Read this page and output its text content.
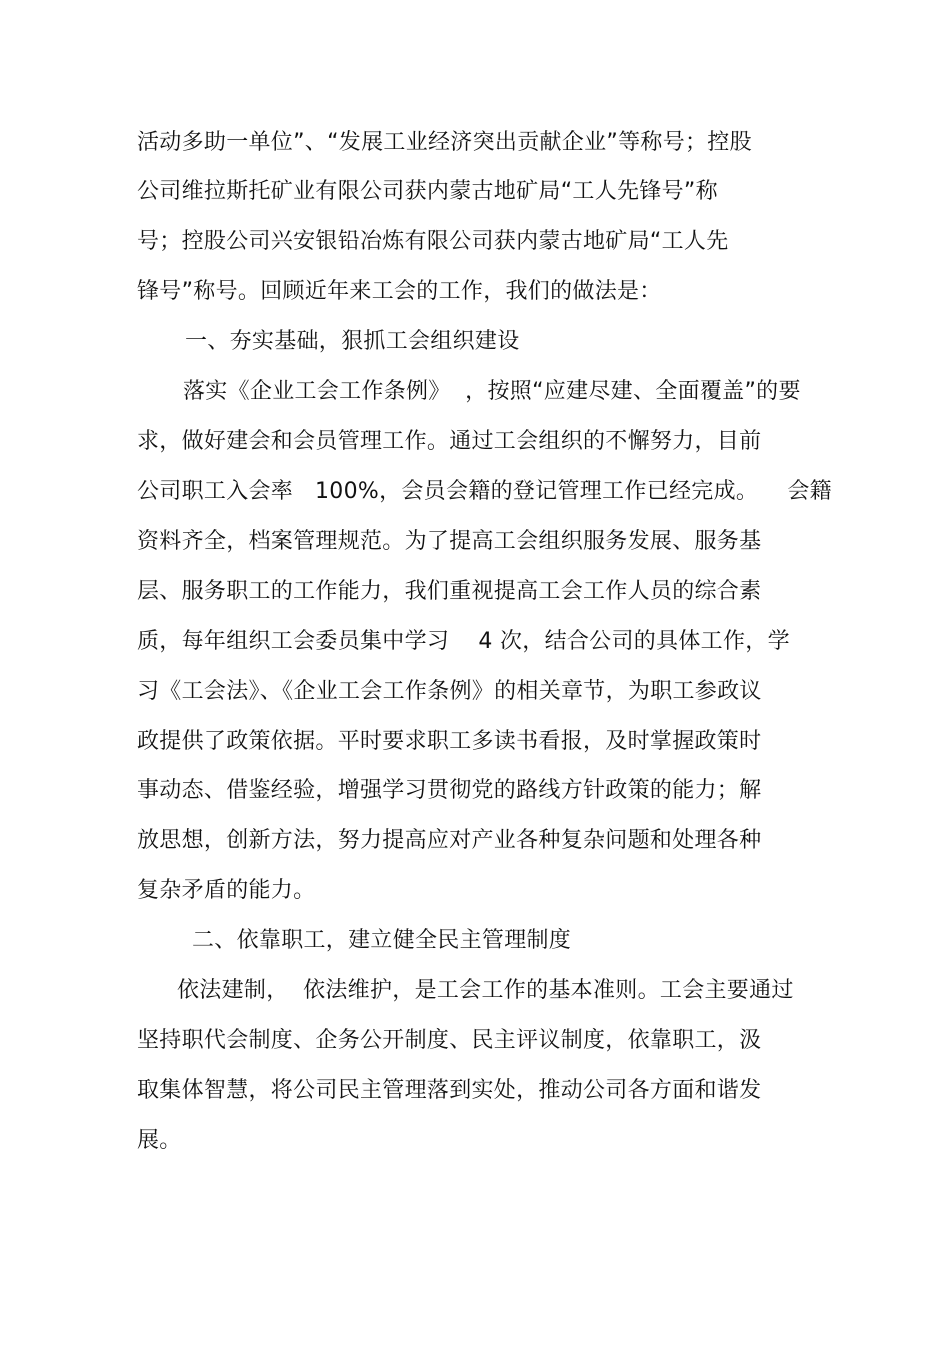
活动多助一单位”、“发展工业经济突出贡献企业”等称号；控股
公司维拉斯托矿业有限公司获内蒙古地矿局“工人先锋号”称
号；控股公司兴安银铅冶炼有限公司获内蒙古地矿局“工人先
锋号”称号。回顾近年来工会的工作，我们的做法是：
一、夯实基础，狠抓工会组织建设
落实《企业工会工作条例》  ，按照“应建尽建、全面覆盖”的要
求，做好建会和会员管理工作。通过工会组织的不懈努力，目前
公司职工入会率   100%，会员会籍的登记管理工作已经完成。    会籍
资料齐全，档案管理规范。为了提高工会组织服务发展、服务基
层、服务职工的工作能力，我们重视提高工会工作人员的综合素
质，每年组织工会委员集中学习    4 次，结合公司的具体工作，学
习《工会法》、《企业工会工作条例》的相关章节，为职工参政议
政提供了政策依据。平时要求职工多读书看报，及时掌握政策时
事动态、借鉴经验，增强学习贯彻党的路线方针政策的能力；解
放思想，创新方法，努力提高应对产业各种复杂问题和处理各种
复杂矛盾的能力。
二、依靠职工，建立健全民主管理制度
依法建制，  依法维护，是工会工作的基本准则。工会主要通过
坚持职代会制度、企务公开制度、民主评议制度，依靠职工，汲
取集体智慧，将公司民主管理落到实处，推动公司各方面和谐发
展。
